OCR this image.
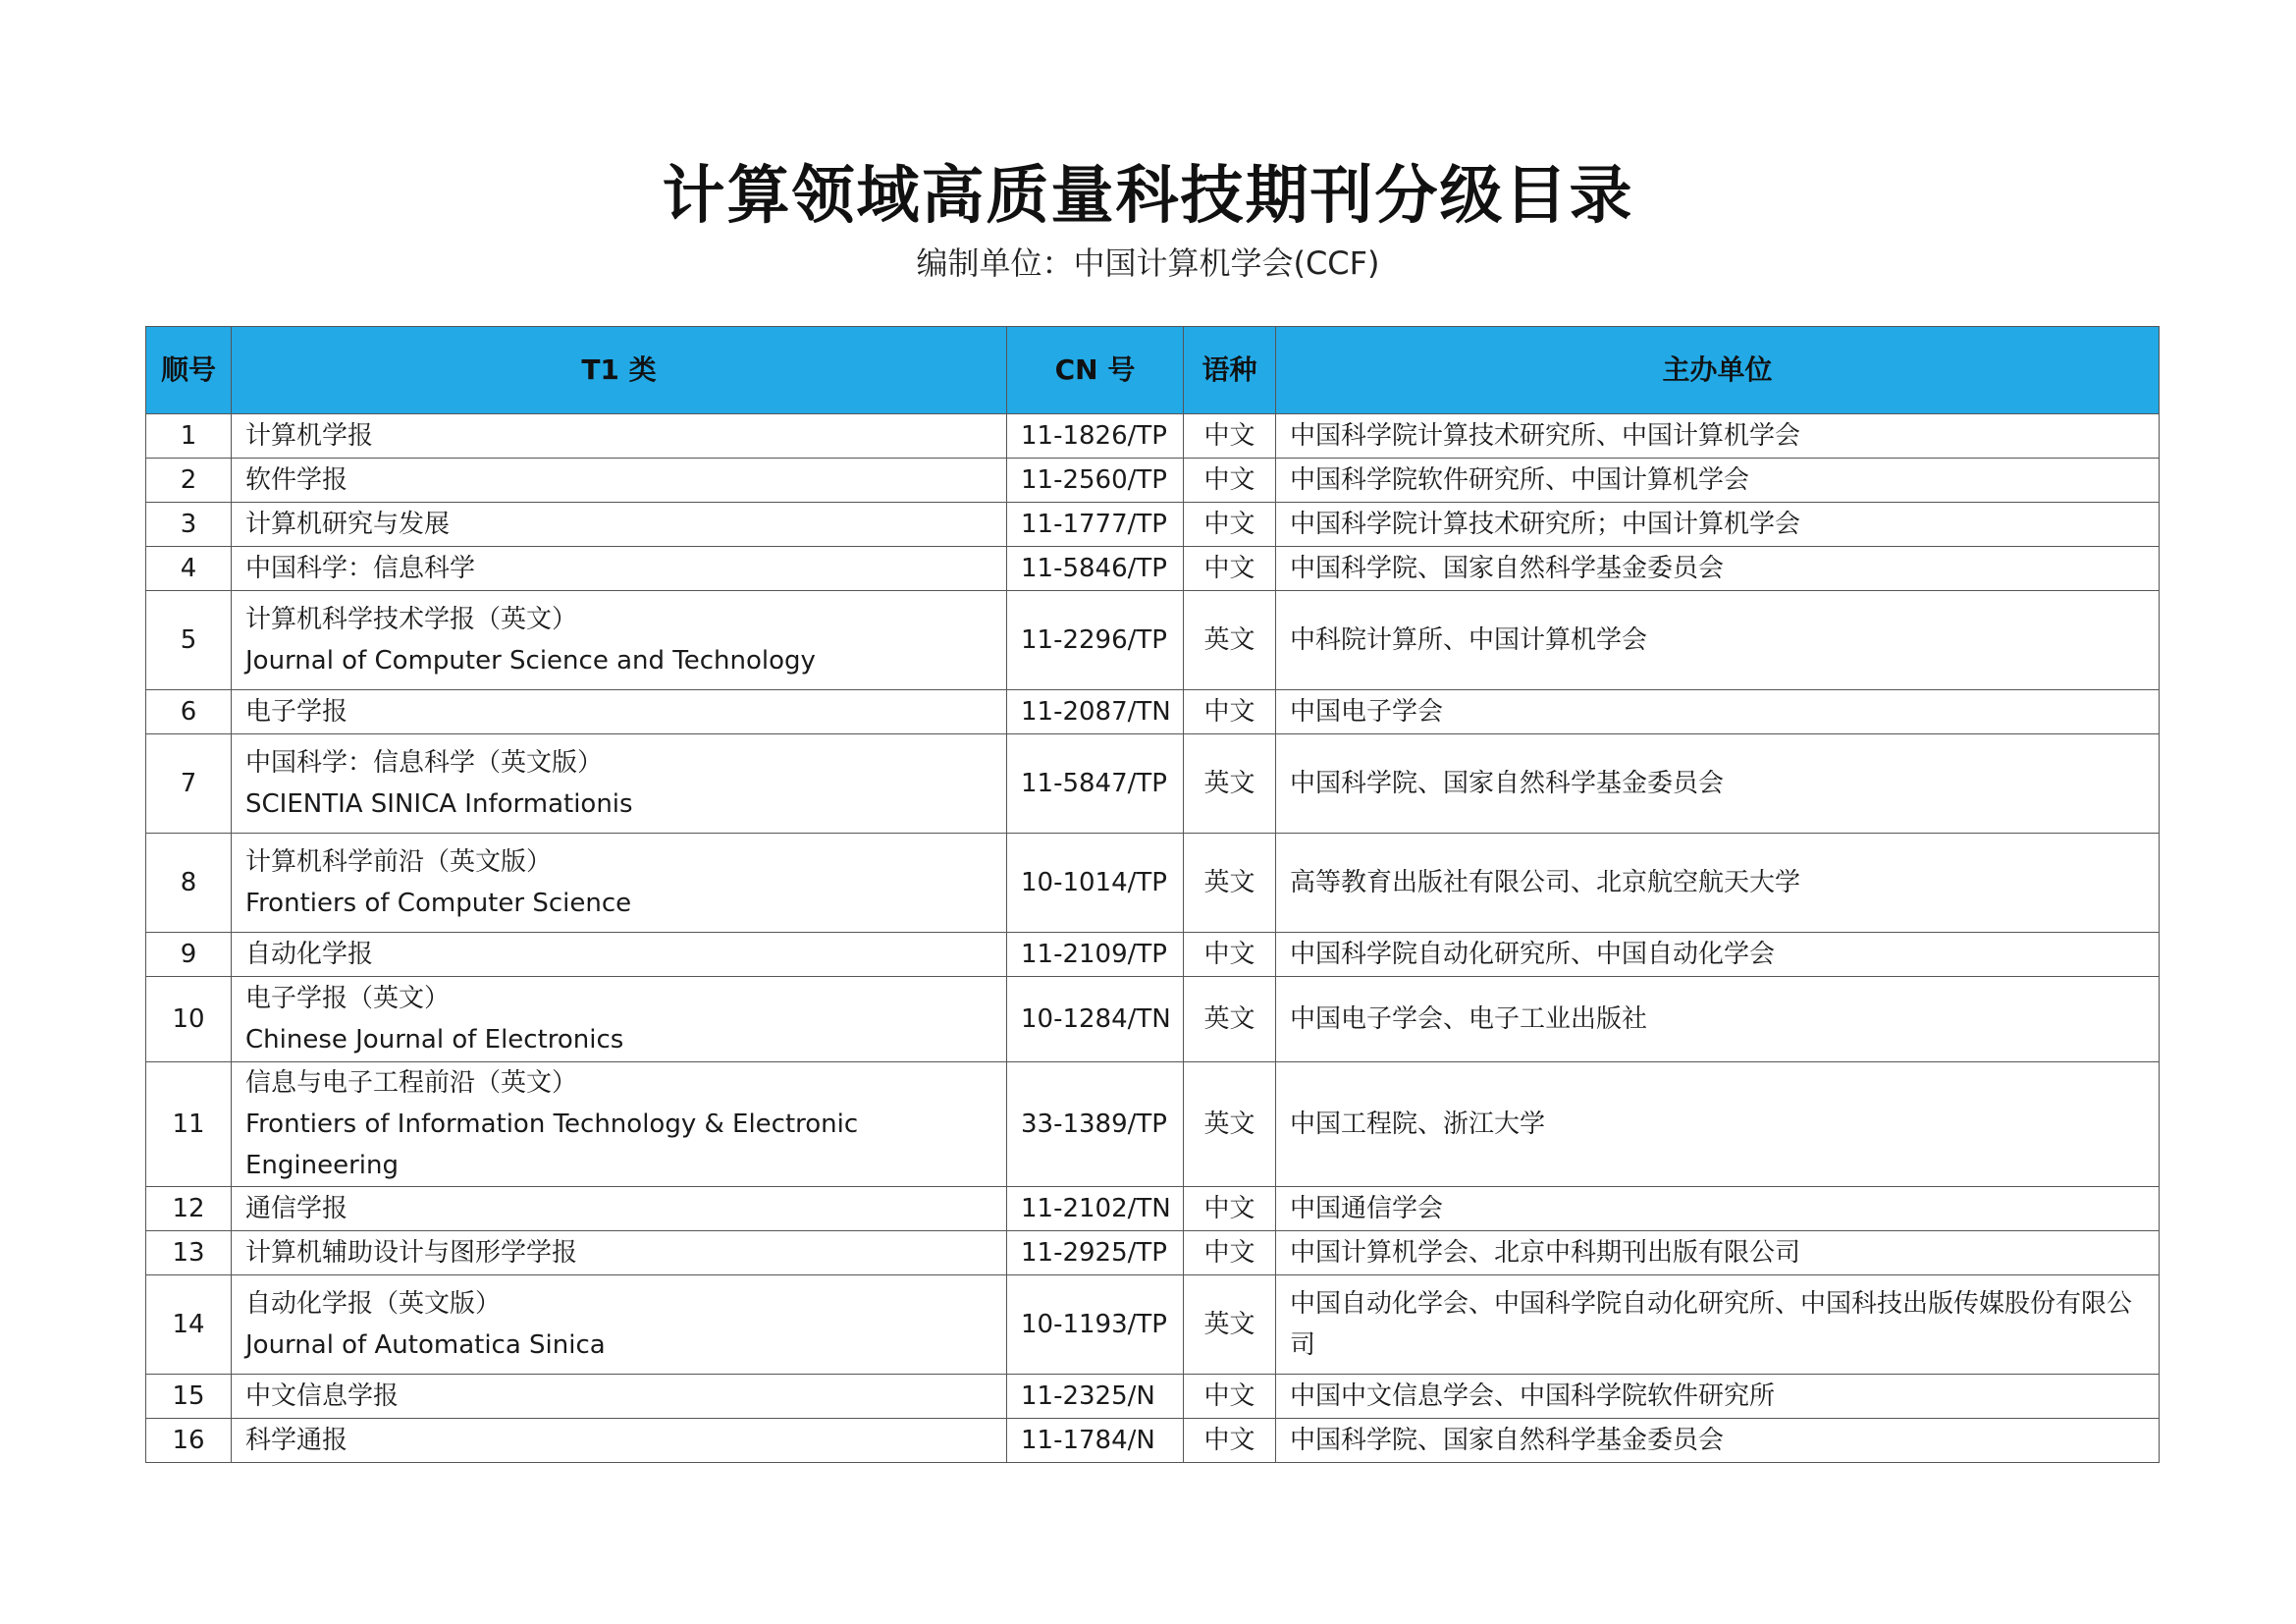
计算领域高质量科技期刊分级目录
编制单位：中国计算机学会(CCF)
顺号	T1 类	CN 号	语种	主办单位
1	计算机学报	11-1826/TP	中文	中国科学院计算技术研究所、中国计算机学会
2	软件学报	11-2560/TP	中文	中国科学院软件研究所、中国计算机学会
3	计算机研究与发展	11-1777/TP	中文	中国科学院计算技术研究所；中国计算机学会
4	中国科学：信息科学	11-5846/TP	中文	中国科学院、国家自然科学基金委员会
5	计算机科学技术学报（英文）
Journal of Computer Science and Technology	11-2296/TP	英文	中科院计算所、中国计算机学会
6	电子学报	11-2087/TN	中文	中国电子学会
7	中国科学：信息科学（英文版）
SCIENTIA SINICA Informationis	11-5847/TP	英文	中国科学院、国家自然科学基金委员会
8	计算机科学前沿（英文版）
Frontiers of Computer Science	10-1014/TP	英文	高等教育出版社有限公司、北京航空航天大学
9	自动化学报	11-2109/TP	中文	中国科学院自动化研究所、中国自动化学会
10	电子学报（英文）
Chinese Journal of Electronics	10-1284/TN	英文	中国电子学会、电子工业出版社
11	信息与电子工程前沿（英文）
Frontiers of Information Technology & Electronic Engineering	33-1389/TP	英文	中国工程院、浙江大学
12	通信学报	11-2102/TN	中文	中国通信学会
13	计算机辅助设计与图形学学报	11-2925/TP	中文	中国计算机学会、北京中科期刊出版有限公司
14	自动化学报（英文版）
Journal of Automatica Sinica	10-1193/TP	英文	中国自动化学会、中国科学院自动化研究所、中国科技出版传媒股份有限公司
15	中文信息学报	11-2325/N	中文	中国中文信息学会、中国科学院软件研究所
16	科学通报	11-1784/N	中文	中国科学院、国家自然科学基金委员会
